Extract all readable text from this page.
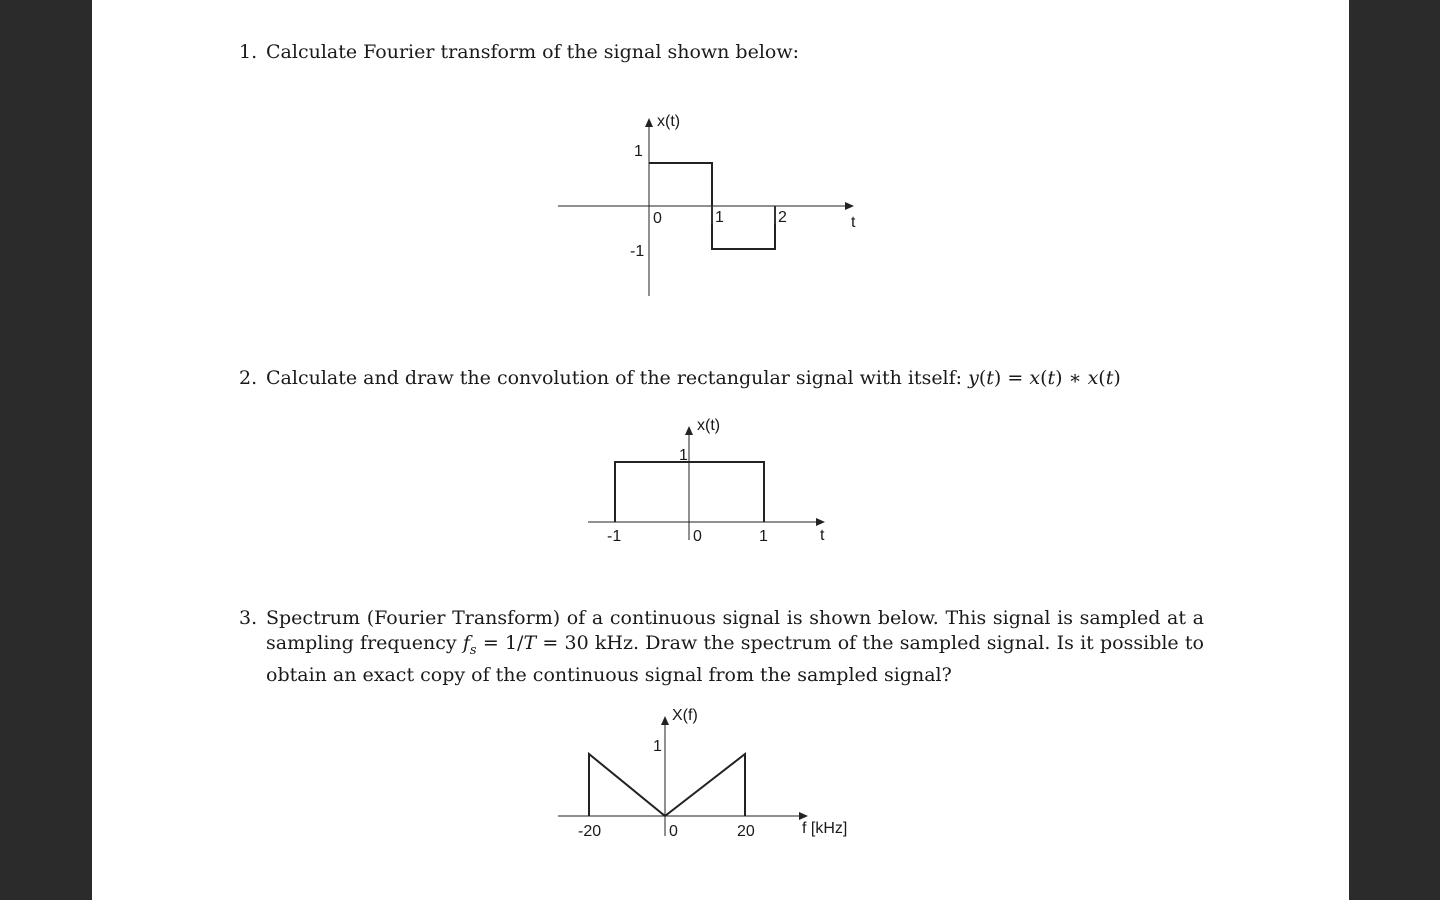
1. Calculate Fourier transform of the signal shown below:
x(t)
1
-1
0	1	2	t
2. Calculate and draw the convolution of the rectangular signal with itself: y(t) = x(t) ∗ x(t)
x(t)
1
-1	0	1	t
3. Spectrum (Fourier Transform) of a continuous signal is shown below. This signal is sampled at a sampling frequency $f_s = 1/T = 30$ kHz. Draw the spectrum of the sampled signal. Is it possible to obtain an exact copy of the continuous signal from the sampled signal?
X(f)
1
-20	0	20	f [kHz]
